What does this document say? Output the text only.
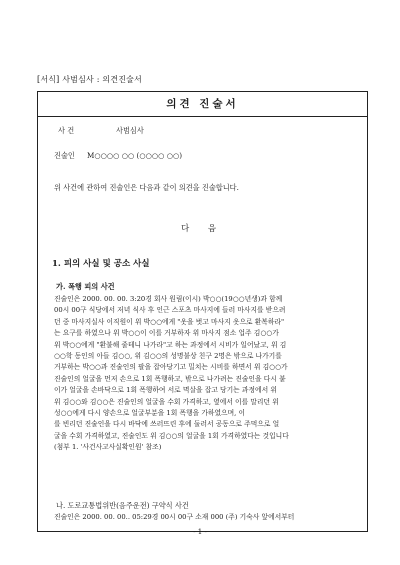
[서식] 사범심사 : 의견진술서
의견 진술서
사 건	사범심사
진술인 M○○○○ ○○ (○○○○ ○○)
위 사건에 관하여 진술인은 다음과 같이 의견을 진술합니다.
다 음
1. 피의 사실 및 공소 사실
가. 폭행 피의 사건

진술인은 2000. 00. 00. 3:20경 회사 원림(이시) 박○○(19○○년생)과 함께

00시 00구 식당에서 저녁 식사 후 인근 스포츠 마사지에 들러 마사지를 받으려

던 중 마사지실사 이직원이 위 박○○에게 "옷을 벗고 마사지 옷으로 환복하라"

는 요구를 하였으나 위 박○○이 이를 거부하자 위 마사지 점소 업주 김○○가

위 박○○에게 "환불해 줄테니 나가라"고 하는 과정에서 시비가 일어났고, 위 김

○○학 동인의 아들 김○○, 위 김○○의 성명불상 친구 2명은 밖으로 나가기를

거부하는 박○○과 진술인의 팔을 잡아당기고 밀치는 시비를 하면서 위 김○○가

진술인의 얼굴을 먼저 손으로 1회 폭행하고, 밖으로 나가려는 진술인을 다시 붙

이가 얼굴을 손바닥으로 1회 폭행하여 서로 멱살을 잡고 당기는 과정에서 위

위 김○○와 김○○은 진술인의 얼굴을 수회 가격하고, 옆에서 이를 말리던 위

성○○에게 다시 양손으로 얼굴부분을 1회 폭행을 가하였으며, 이

를 빈리던 진술인을 다시 바닥에 쓰러뜨린 후에 둘러서 공동으로 주먹으로 얼

굴을 수회 가격하였고, 진술인도 위 김○○의 얼굴을 1회 가격하였다는 것입니다

(첨부 1. '사건사고사실확인원' 참조)

나. 도로교통법위반(음주운전) 구약식 사건

진술인은 2000. 00. 00.. 05:29경 00시 00구 소재 000 (주) 기숙사 앞에서부터

- 1 -
